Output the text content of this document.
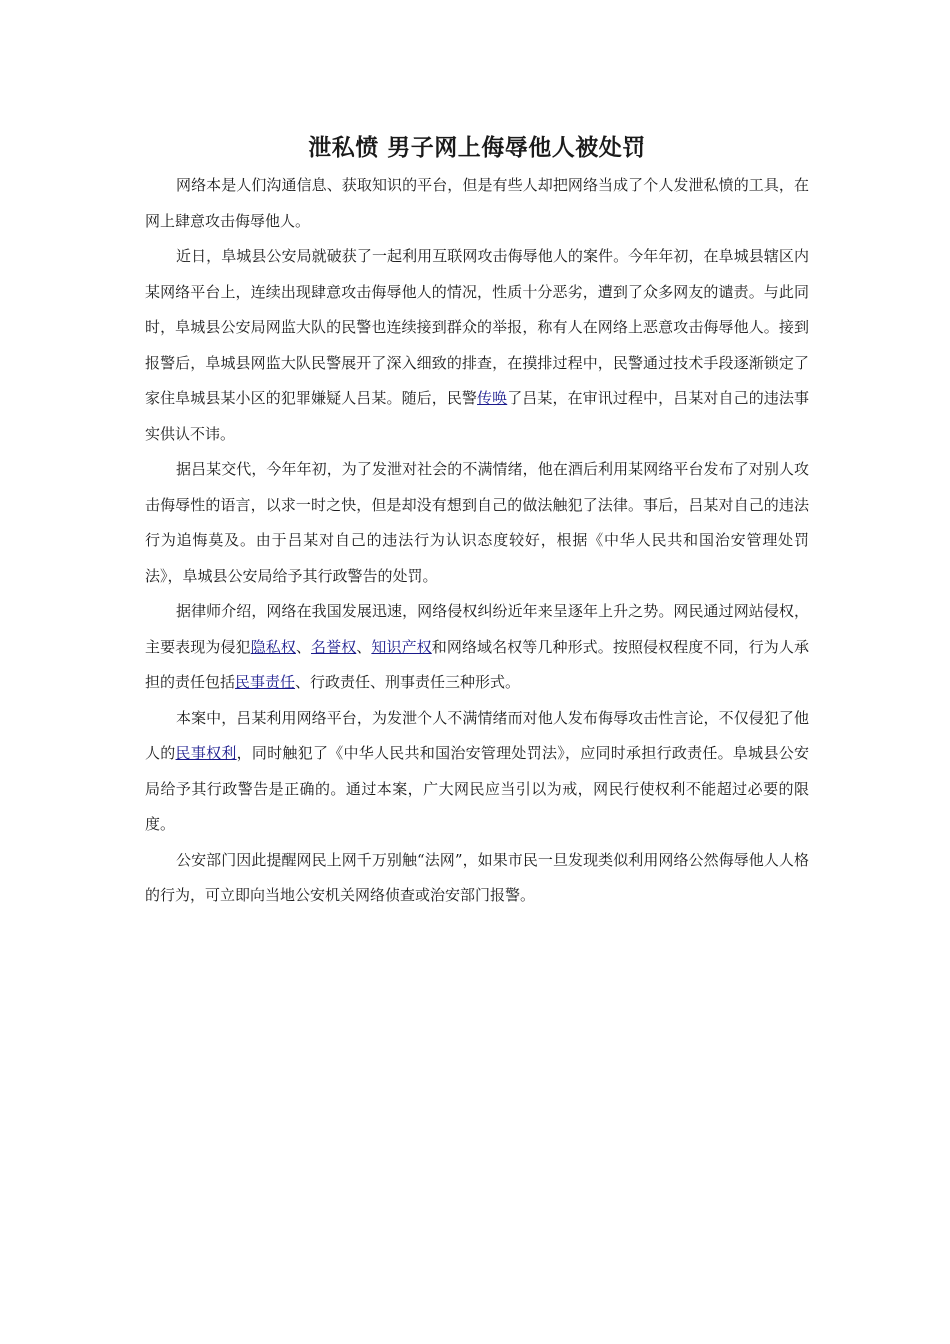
泄私愤 男子网上侮辱他人被处罚

网络本是人们沟通信息、获取知识的平台，但是有些人却把网络当成了个人发泄私愤的工具，在网上肆意攻击侮辱他人。

近日，阜城县公安局就破获了一起利用互联网攻击侮辱他人的案件。今年年初，在阜城县辖区内某网络平台上，连续出现肆意攻击侮辱他人的情况，性质十分恶劣，遭到了众多网友的谴责。与此同时，阜城县公安局网监大队的民警也连续接到群众的举报，称有人在网络上恶意攻击侮辱他人。接到报警后，阜城县网监大队民警展开了深入细致的排查，在摸排过程中，民警通过技术手段逐渐锁定了家住阜城县某小区的犯罪嫌疑人吕某。随后，民警传唤了吕某，在审讯过程中，吕某对自己的违法事实供认不讳。

据吕某交代，今年年初，为了发泄对社会的不满情绪，他在酒后利用某网络平台发布了对别人攻击侮辱性的语言，以求一时之快，但是却没有想到自己的做法触犯了法律。事后，吕某对自己的违法行为追悔莫及。由于吕某对自己的违法行为认识态度较好，根据《中华人民共和国治安管理处罚法》，阜城县公安局给予其行政警告的处罚。

据律师介绍，网络在我国发展迅速，网络侵权纠纷近年来呈逐年上升之势。网民通过网站侵权，主要表现为侵犯隐私权、名誉权、知识产权和网络域名权等几种形式。按照侵权程度不同，行为人承担的责任包括民事责任、行政责任、刑事责任三种形式。

本案中，吕某利用网络平台，为发泄个人不满情绪而对他人发布侮辱攻击性言论，不仅侵犯了他人的民事权利，同时触犯了《中华人民共和国治安管理处罚法》，应同时承担行政责任。阜城县公安局给予其行政警告是正确的。通过本案，广大网民应当引以为戒，网民行使权利不能超过必要的限度。

公安部门因此提醒网民上网千万别触“法网”，如果市民一旦发现类似利用网络公然侮辱他人人格的行为，可立即向当地公安机关网络侦查或治安部门报警。
